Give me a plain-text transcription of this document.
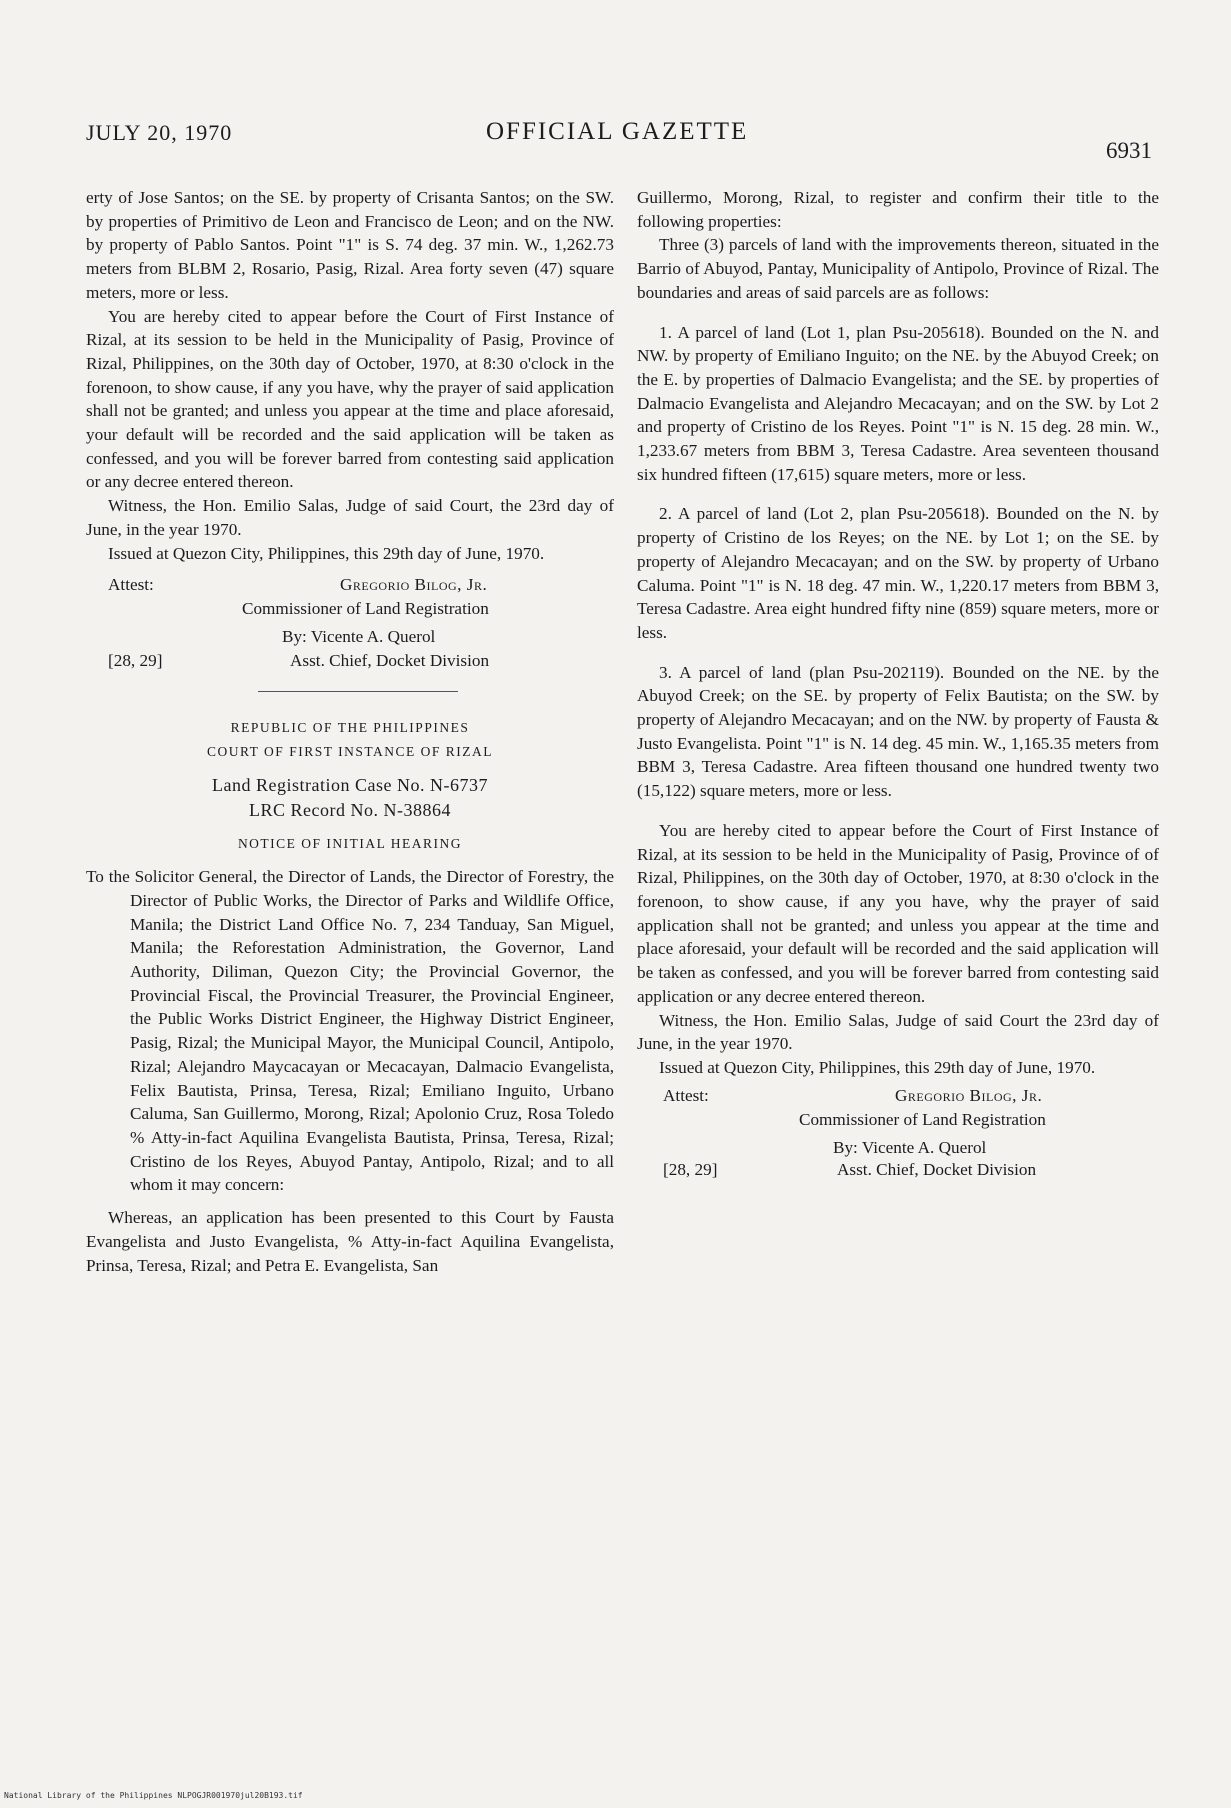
JULY 20, 1970	OFFICIAL GAZETTE
6931

erty of Jose Santos; on the SE. by property of Crisanta Santos; on the SW. by properties of Primitivo de Leon and Francisco de Leon; and on the NW. by property of Pablo Santos. Point "1" is S. 74 deg. 37 min. W., 1,262.73 meters from BLBM 2, Rosario, Pasig, Rizal. Area forty seven (47) square meters, more or less.

You are hereby cited to appear before the Court of First Instance of Rizal, at its session to be held in the Municipality of Pasig, Province of Rizal, Philippines, on the 30th day of October, 1970, at 8:30 o'clock in the forenoon, to show cause, if any you have, why the prayer of said application shall not be granted; and unless you appear at the time and place aforesaid, your default will be recorded and the said application will be taken as confessed, and you will be forever barred from contesting said application or any decree entered thereon.

Witness, the Hon. Emilio Salas, Judge of said Court, the 23rd day of June, in the year 1970.

Issued at Quezon City, Philippines, this 29th day of June, 1970.

Attest:	Gregorio Bilog, Jr.
Commissioner of Land Registration
By: Vicente A. Querol
[28, 29]	Asst. Chief, Docket Division
REPUBLIC OF THE PHILIPPINES
COURT OF FIRST INSTANCE OF RIZAL
Land Registration Case No. N-6737
LRC Record No. N-38864
NOTICE OF INITIAL HEARING

To the Solicitor General, the Director of Lands, the Director of Forestry, the Director of Public Works, the Director of Parks and Wildlife Office, Manila; the District Land Office No. 7, 234 Tanduay, San Miguel, Manila; the Reforestation Administration, the Governor, Land Authority, Diliman, Quezon City; the Provincial Governor, the Provincial Fiscal, the Provincial Treasurer, the Provincial Engineer, the Public Works District Engineer, the Highway District Engineer, Pasig, Rizal; the Municipal Mayor, the Municipal Council, Antipolo, Rizal; Alejandro Maycacayan or Mecacayan, Dalmacio Evangelista, Felix Bautista, Prinsa, Teresa, Rizal; Emiliano Inguito, Urbano Caluma, San Guillermo, Morong, Rizal; Apolonio Cruz, Rosa Toledo % Atty-in-fact Aquilina Evangelista Bautista, Prinsa, Teresa, Rizal; Cristino de los Reyes, Abuyod Pantay, Antipolo, Rizal; and to all whom it may concern:

Whereas, an application has been presented to this Court by Fausta Evangelista and Justo Evangelista, % Atty-in-fact Aquilina Evangelista, Prinsa, Teresa, Rizal; and Petra E. Evangelista, San

Guillermo, Morong, Rizal, to register and confirm their title to the following properties:

Three (3) parcels of land with the improvements thereon, situated in the Barrio of Abuyod, Pantay, Municipality of Antipolo, Province of Rizal. The boundaries and areas of said parcels are as follows:

1. A parcel of land (Lot 1, plan Psu-205618). Bounded on the N. and NW. by property of Emiliano Inguito; on the NE. by the Abuyod Creek; on the E. by properties of Dalmacio Evangelista; and the SE. by properties of Dalmacio Evangelista and Alejandro Mecacayan; and on the SW. by Lot 2 and property of Cristino de los Reyes. Point "1" is N. 15 deg. 28 min. W., 1,233.67 meters from BBM 3, Teresa Cadastre. Area seventeen thousand six hundred fifteen (17,615) square meters, more or less.

2. A parcel of land (Lot 2, plan Psu-205618). Bounded on the N. by property of Cristino de los Reyes; on the NE. by Lot 1; on the SE. by property of Alejandro Mecacayan; and on the SW. by property of Urbano Caluma. Point "1" is N. 18 deg. 47 min. W., 1,220.17 meters from BBM 3, Teresa Cadastre. Area eight hundred fifty nine (859) square meters, more or less.

3. A parcel of land (plan Psu-202119). Bounded on the NE. by the Abuyod Creek; on the SE. by property of Felix Bautista; on the SW. by property of Alejandro Mecacayan; and on the NW. by property of Fausta & Justo Evangelista. Point "1" is N. 14 deg. 45 min. W., 1,165.35 meters from BBM 3, Teresa Cadastre. Area fifteen thousand one hundred twenty two (15,122) square meters, more or less.

You are hereby cited to appear before the Court of First Instance of Rizal, at its session to be held in the Municipality of Pasig, Province of of Rizal, Philippines, on the 30th day of October, 1970, at 8:30 o'clock in the forenoon, to show cause, if any you have, why the prayer of said application shall not be granted; and unless you appear at the time and place aforesaid, your default will be recorded and the said application will be taken as confessed, and you will be forever barred from contesting said application or any decree entered thereon.

Witness, the Hon. Emilio Salas, Judge of said Court the 23rd day of June, in the year 1970.

Issued at Quezon City, Philippines, this 29th day of June, 1970.

Attest:	Gregorio Bilog, Jr.
Commissioner of Land Registration
By: Vicente A. Querol
[28, 29]	Asst. Chief, Docket Division
National Library of the Philippines NLPOGJR001970jul20B193.tif
